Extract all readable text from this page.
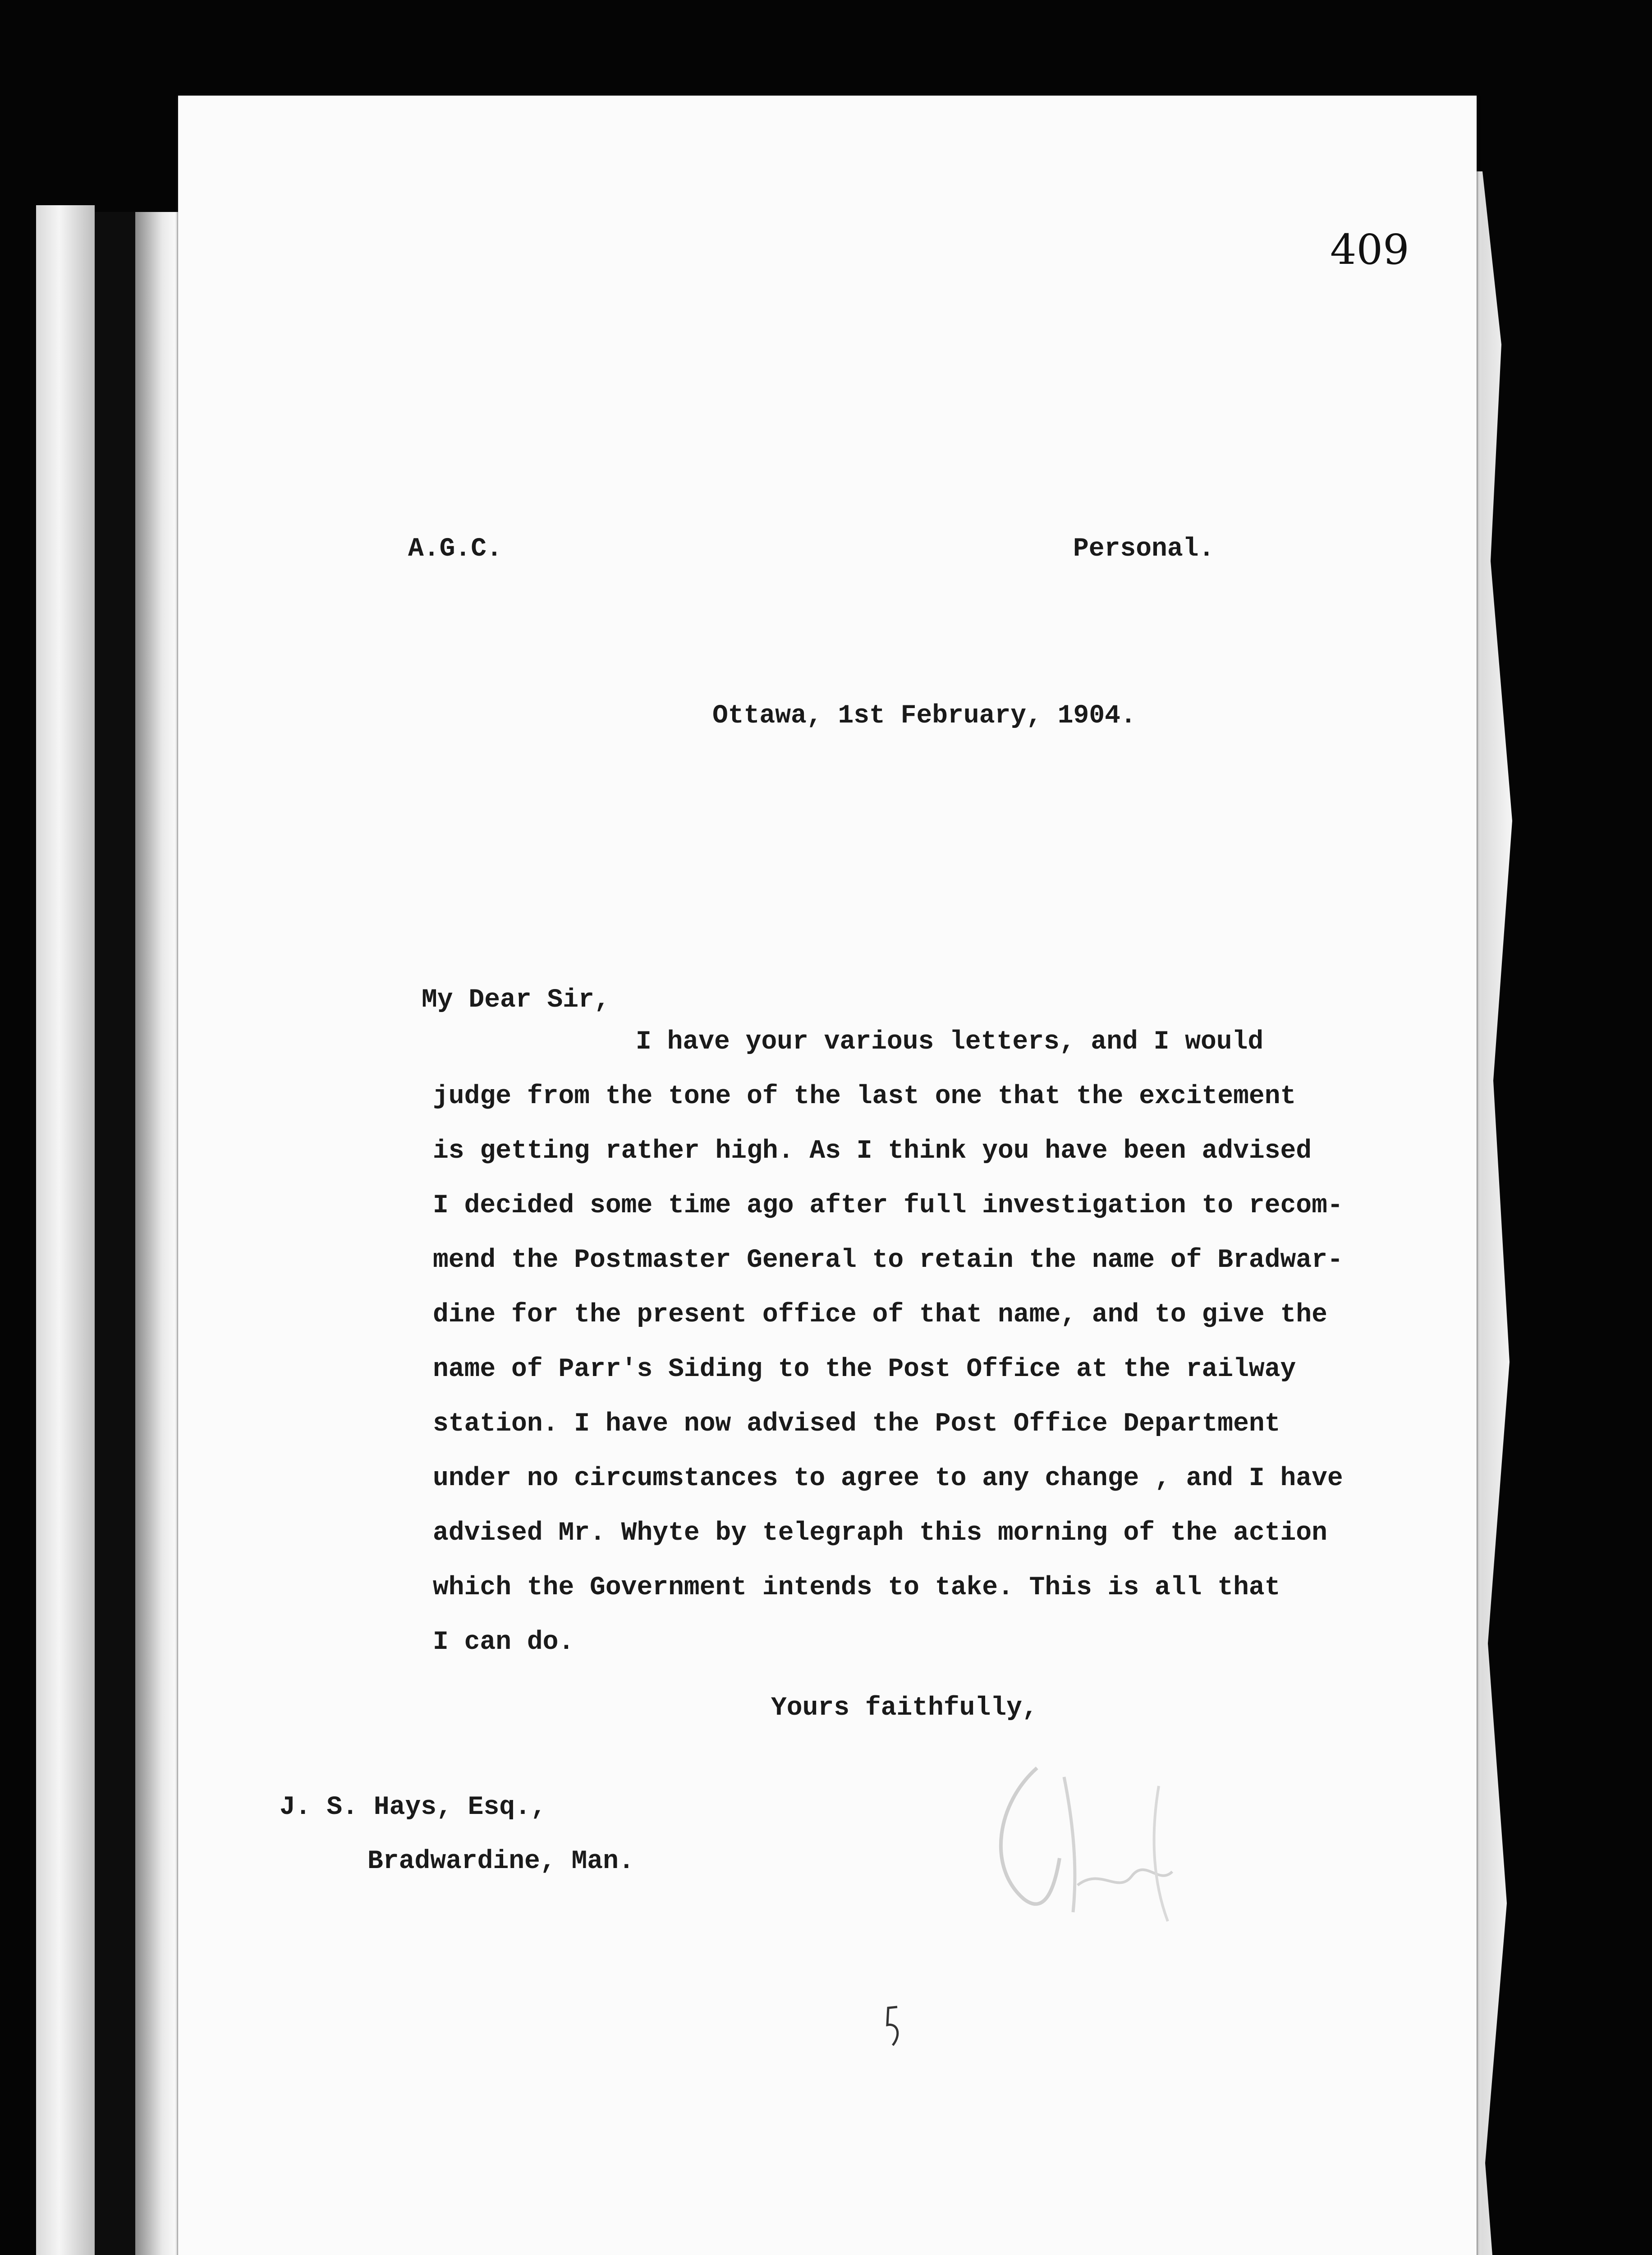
409
A.G.C.	Personal.
Ottawa, 1st February, 1904.
My Dear Sir,
I have your various letters, and I would
judge from the tone of the last one that the excitement
is getting rather high. As I think you have been advised
I decided some time ago after full investigation to recom-
mend the Postmaster General to retain the name of Bradwar-
dine for the present office of that name, and to give the
name of Parr's Siding to the Post Office at the railway
station. I have now advised the Post Office Department
under no circumstances to agree to any change , and I have
advised Mr. Whyte by telegraph this morning of the action
which the Government intends to take. This is all that
I can do.
Yours faithfully,
J. S. Hays, Esq.,
Bradwardine, Man.
